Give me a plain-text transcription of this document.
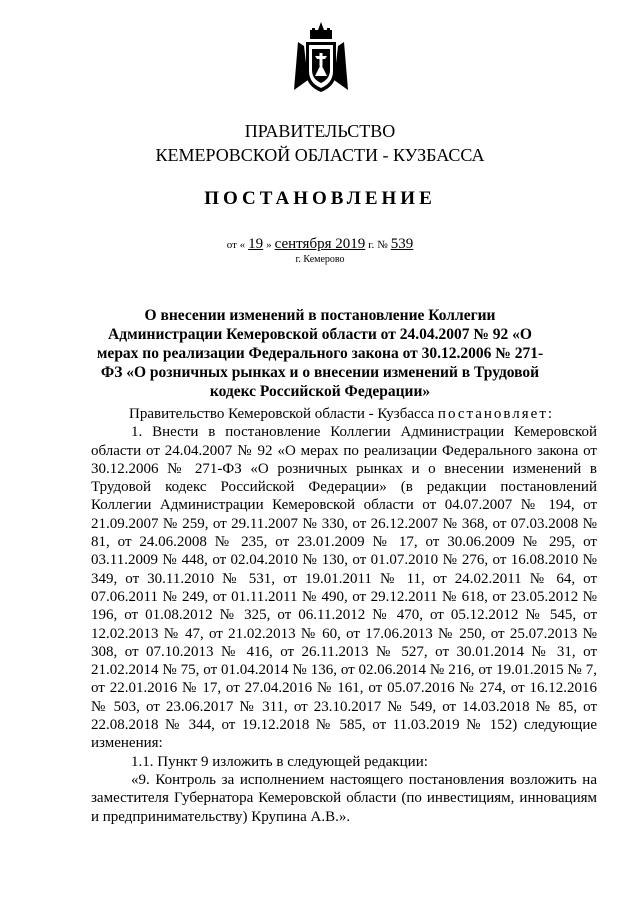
ПРАВИТЕЛЬСТВО
КЕМЕРОВСКОЙ ОБЛАСТИ - КУЗБАССА
ПОСТАНОВЛЕНИЕ
от « 19 » сентября 2019 г. № 539
г. Кемерово
О внесении изменений в постановление Коллегии Администрации Кемеровской области от 24.04.2007 № 92 «О мерах по реализации Федерального закона от 30.12.2006 № 271-ФЗ «О розничных рынках и о внесении изменений в Трудовой кодекс Российской Федерации»

Правительство Кемеровской области - Кузбасса постановляет:

1. Внести в постановление Коллегии Администрации Кемеровской области от 24.04.2007 № 92 «О мерах по реализации Федерального закона от 30.12.2006 № 271-ФЗ «О розничных рынках и о внесении изменений в Трудовой кодекс Российской Федерации» (в редакции постановлений Коллегии Администрации Кемеровской области от 04.07.2007 № 194, от 21.09.2007 № 259, от 29.11.2007 № 330, от 26.12.2007 № 368, от 07.03.2008 № 81, от 24.06.2008 № 235, от 23.01.2009 № 17, от 30.06.2009 № 295, от 03.11.2009 № 448, от 02.04.2010 № 130, от 01.07.2010 № 276, от 16.08.2010 № 349, от 30.11.2010 № 531, от 19.01.2011 № 11, от 24.02.2011 № 64, от 07.06.2011 № 249, от 01.11.2011 № 490, от 29.12.2011 № 618, от 23.05.2012 № 196, от 01.08.2012 № 325, от 06.11.2012 № 470, от 05.12.2012 № 545, от 12.02.2013 № 47, от 21.02.2013 № 60, от 17.06.2013 № 250, от 25.07.2013 № 308, от 07.10.2013 № 416, от 26.11.2013 № 527, от 30.01.2014 № 31, от 21.02.2014 № 75, от 01.04.2014 № 136, от 02.06.2014 № 216, от 19.01.2015 № 7, от 22.01.2016 № 17, от 27.04.2016 № 161, от 05.07.2016 № 274, от 16.12.2016 № 503, от 23.06.2017 № 311, от 23.10.2017 № 549, от 14.03.2018 № 85, от 22.08.2018 № 344, от 19.12.2018 № 585, от 11.03.2019 № 152) следующие изменения:

1.1. Пункт 9 изложить в следующей редакции:

«9. Контроль за исполнением настоящего постановления возложить на заместителя Губернатора Кемеровской области (по инвестициям, инновациям и предпринимательству) Крупина А.В.».
